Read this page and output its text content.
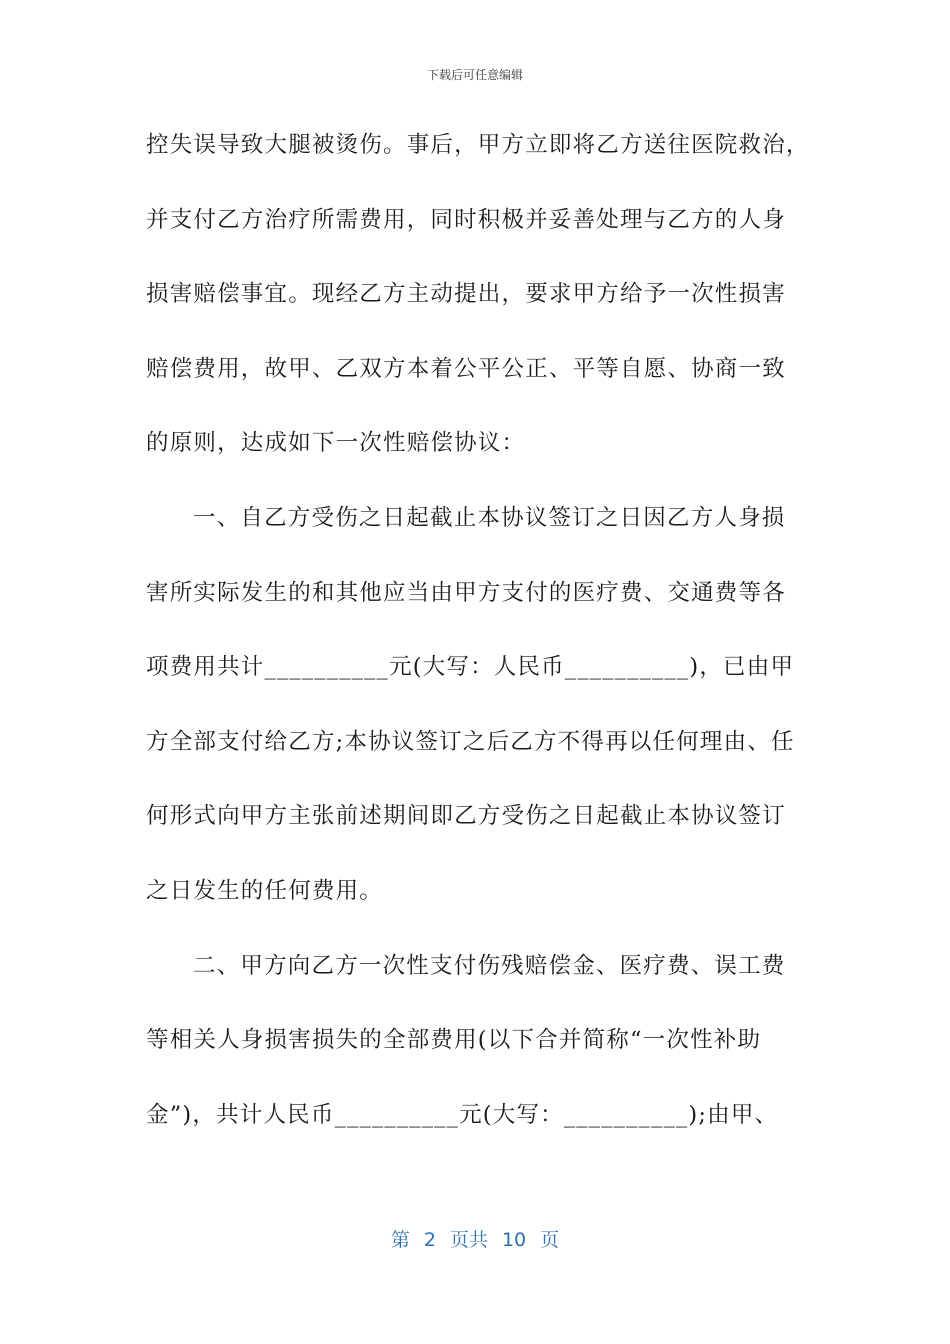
下载后可任意编辑
控失误导致大腿被烫伤。事后，甲方立即将乙方送往医院救治，
并支付乙方治疗所需费用，同时积极并妥善处理与乙方的人身
损害赔偿事宜。现经乙方主动提出，要求甲方给予一次性损害
赔偿费用，故甲、乙双方本着公平公正、平等自愿、协商一致
的原则，达成如下一次性赔偿协议：
一、自乙方受伤之日起截止本协议签订之日因乙方人身损
害所实际发生的和其他应当由甲方支付的医疗费、交通费等各
项费用共计__________元(大写：人民币__________)，已由甲
方全部支付给乙方;本协议签订之后乙方不得再以任何理由、任
何形式向甲方主张前述期间即乙方受伤之日起截止本协议签订
之日发生的任何费用。
二、甲方向乙方一次性支付伤残赔偿金、医疗费、误工费
等相关人身损害损失的全部费用(以下合并简称“一次性补助
金”)，共计人民币__________元(大写：__________);由甲、
第 2 页共 10 页
